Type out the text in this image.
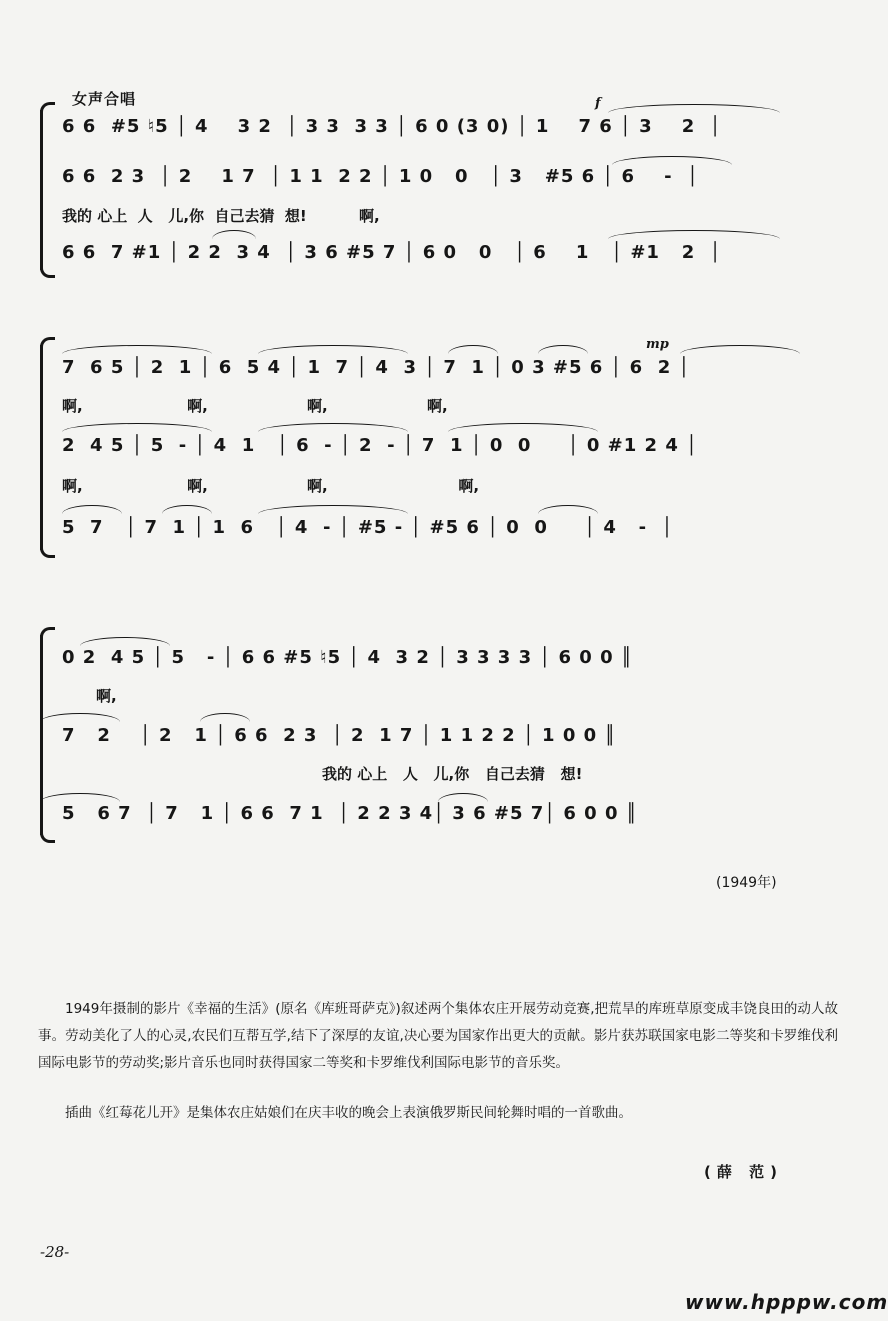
女声合唱	f
6 6  #5 ♮5 │ 4    3 2  │ 3 3  3 3 │ 6 0 (3 0) │ 1    7 6 │ 3    2  │
6 6  2 3  │ 2    1 7  │ 1 1  2 2 │ 1 0   0   │ 3   #5 6 │ 6    -  │
我的 心上  人   儿,你  自己去猜  想!          啊,
6 6  7 #1 │ 2 2  3 4  │ 3 6 #5 7 │ 6 0   0   │ 6    1   │ #1   2  │
mp
7  6 5 │ 2  1 │ 6  5 4 │ 1  7 │ 4  3 │ 7  1 │ 0 3 #5 6 │ 6  2 │
啊,                    啊,                   啊,                   啊,
2  4 5 │ 5  - │ 4  1   │ 6  - │ 2  - │ 7  1 │ 0  0     │ 0 #1 2 4 │
啊,                    啊,                   啊,                         啊,
5  7   │ 7  1 │ 1  6   │ 4  - │ #5 - │ #5 6 │ 0  0     │ 4   -  │
0 2  4 5 │ 5   - │ 6 6 #5 ♮5 │ 4  3 2 │ 3 3 3 3 │ 6 0 0 ║
啊,
7   2    │ 2   1 │ 6 6  2 3  │ 2  1 7 │ 1 1 2 2 │ 1 0 0 ║
我的 心上   人   儿,你   自己去猜   想!
5   6 7  │ 7   1 │ 6 6  7 1  │ 2 2 3 4│ 3 6 #5 7│ 6 0 0 ║
(1949年)
1949年摄制的影片《幸福的生活》(原名《库班哥萨克》)叙述两个集体农庄开展劳动竞赛,把荒旱的库班草原变成丰饶良田的动人故事。劳动美化了人的心灵,农民们互帮互学,结下了深厚的友谊,决心要为国家作出更大的贡献。影片获苏联国家电影二等奖和卡罗维伐利国际电影节的劳动奖;影片音乐也同时获得国家二等奖和卡罗维伐利国际电影节的音乐奖。
插曲《红莓花儿开》是集体农庄姑娘们在庆丰收的晚会上表演俄罗斯民间轮舞时唱的一首歌曲。
(薛 范)
-28-
www.hpppw.com
